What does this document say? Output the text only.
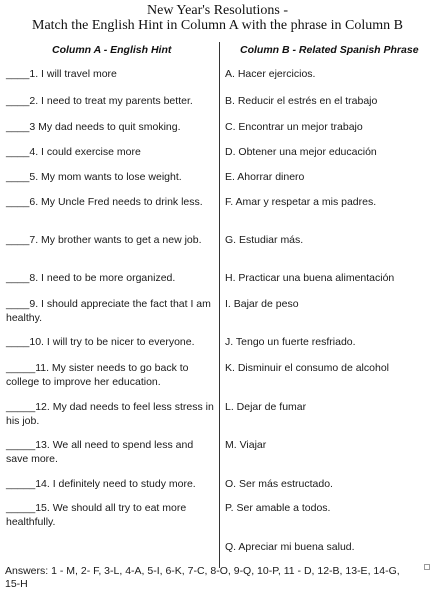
New Year's Resolutions -
Match the English Hint in Column A with the phrase in Column B
Column A - English Hint	Column B - Related Spanish Phrase
____1. I will travel more
____2. I need to treat my parents better.
____3 My dad needs to quit smoking.
____4. I could exercise more
____5. My mom wants to lose weight.
____6. My Uncle Fred needs to drink less.
____7. My brother wants to get a new job.
____8. I need to be more organized.
____9. I should appreciate the fact that I am healthy.
____10. I will try to be nicer to everyone.
_____11. My sister needs to go back to college to improve her education.
_____12. My dad needs to feel less stress in his job.
_____13. We all need to spend less and save more.
_____14. I definitely need to study more.
_____15. We should all try to eat more healthfully.
A. Hacer ejercicios.
B. Reducir el estrés en el trabajo
C. Encontrar un mejor trabajo
D. Obtener una mejor educación
E. Ahorrar dinero
F. Amar y respetar a mis padres.
G. Estudiar más.
H. Practicar una buena alimentación
I. Bajar de peso
J. Tengo un fuerte resfriado.
K. Disminuir el consumo de alcohol
L. Dejar de fumar
M. Viajar
O. Ser más estructado.
P. Ser amable a todos.
Q. Apreciar mi buena salud.
Answers: 1 - M, 2- F, 3-L, 4-A, 5-I, 6-K, 7-C, 8-O, 9-Q, 10-P, 11 - D, 12-B, 13-E, 14-G, 15-H
